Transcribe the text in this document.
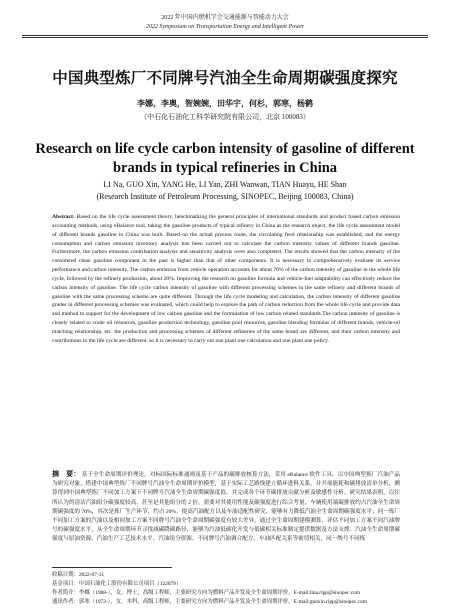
2022 年中国内燃机学会交通能源与智能动力大会
2022 Symposium on Transportation Energy and Intelligent Power
中国典型炼厂不同牌号汽油全生命周期碳强度探究
李娜，李奥，智婉婉，田华宇，何杉，郭寒，杨鹤
（中石化石油化工科学研究院有限公司，北京 100083）
Research on life cycle carbon intensity of gasoline of different brands in typical refineries in China
LI Na, GUO Xin, YANG He, LI Yan, ZHI Wanwan, TIAN Huayu, HE Shan
(Research Institute of Petroleum Processing, SINOPEC, Beijing 100083, China)
Abstract: Based on the life cycle assessment theory, benchmarking the general principles of international standards and product based carbon emission accounting methods, using eBalance tool, taking the gasoline products of typical refinery in China as the research object, the life cycle assessment model of different brands gasoline in China was built. Based on the actual process route, the circulating feed relationship was established, and the energy consumption and carbon emission inventory analysis has been carried out to calculate the carbon intensity values of different brands gasoline. Furthermore, the carbon emission contribution analysis and sensitivity analysis were also completed. The results showed that the carbon intensity of the considered clean gasoline component in the past is higher than that of other components. It is necessary to comprehensively evaluate its service performance and carbon intensity. The carbon emission from vehicle operation accounts for about 70% of the carbon intensity of gasoline in the whole life cycle, followed by the refinery production, about 20%. Improving the research on gasoline formula and vehicle-fuel adaptability can effectively reduce the carbon intensity of gasoline. The life cycle carbon intensity of gasoline with different processing schemes in the same refinery and different brands of gasoline with the same processing scheme are quite different. Through the life cycle modeling and calculation, the carbon intensity of different gasoline grades in different processing schemes was evaluated, which could help to explore the path of carbon reduction from the whole life cycle and provide data and method to support for the development of low carbon gasoline and the formulation of low carbon related standards.The carbon intensity of gasoline is closely related to crude oil resources, gasoline production technology, gasoline pool resources, gasoline blending formulas of different brands, vehicle-oil matching relationship, etc. the production and processing schemes of different refineries of the same brand are different, and their carbon intensity and contributions to the life cycle are different, so it is necessary to carry out one plant one calculation and one plant one policy.
摘　要： 基于全生命周期评价理论，对标国际标准通则及基于产品的碳排放核算方法，采用 eBalance 软件工具，以中国典型炼厂汽油产品为研究对象，搭建中国典型炼厂不同牌号汽油全生命周期评价模型，基于实际工艺路线建立循环进料关系，并开展能耗和碳排放清单分析，测算得到中国典型炼厂不同加工方案下不同牌号汽油全生命周期碳强度值，并完成各个环节碳排放贡献分析及敏感性分析。研究结果表明，以往所认为的清洁汽油组分碳强度较高，甚至是其他组分的 2 倍，需要对其使用性能及碳强度进行综合考量；车辆使用端碳排放约占汽油全生命周期碳强度的 70%，其次是炼厂生产环节，约占 20%，提高汽油配方以及车油适配性研究，能够有力降低汽油全生命周期碳强度水平；同一炼厂不同加工方案的汽油以及相同加工方案不同牌号汽油全生命周期碳强度有较大差异，通过全生命周期建模测算，评估不同加工方案不同汽油牌号的碳强度水平，从全生命周期环节寻找减碳降碳路径，能够为汽油低碳化开发与低碳相关标准制定提供数据及方法支撑。汽油全生命周期碳强度与原油资源、汽油生产工艺技术水平、汽油组分资源、不同牌号汽油调合配方、车油匹配关系等密切相关，同一牌号不同炼
收稿日期：2022-07-31
基金项目：中国石油化工股份有限公司项目（122079）
作者简介：李娜（1988-），女，博士，高级工程师，主要研究方向为燃料产品开发及全生命周期评价，E-mail:lina.ripp@sinopec.com
通讯作者：郭寒（1972-），女，本科，高级工程师，主要研究方向为燃料产品开发及全生命周期评价，E-mail:guoxin.ripp@sinopec.com
